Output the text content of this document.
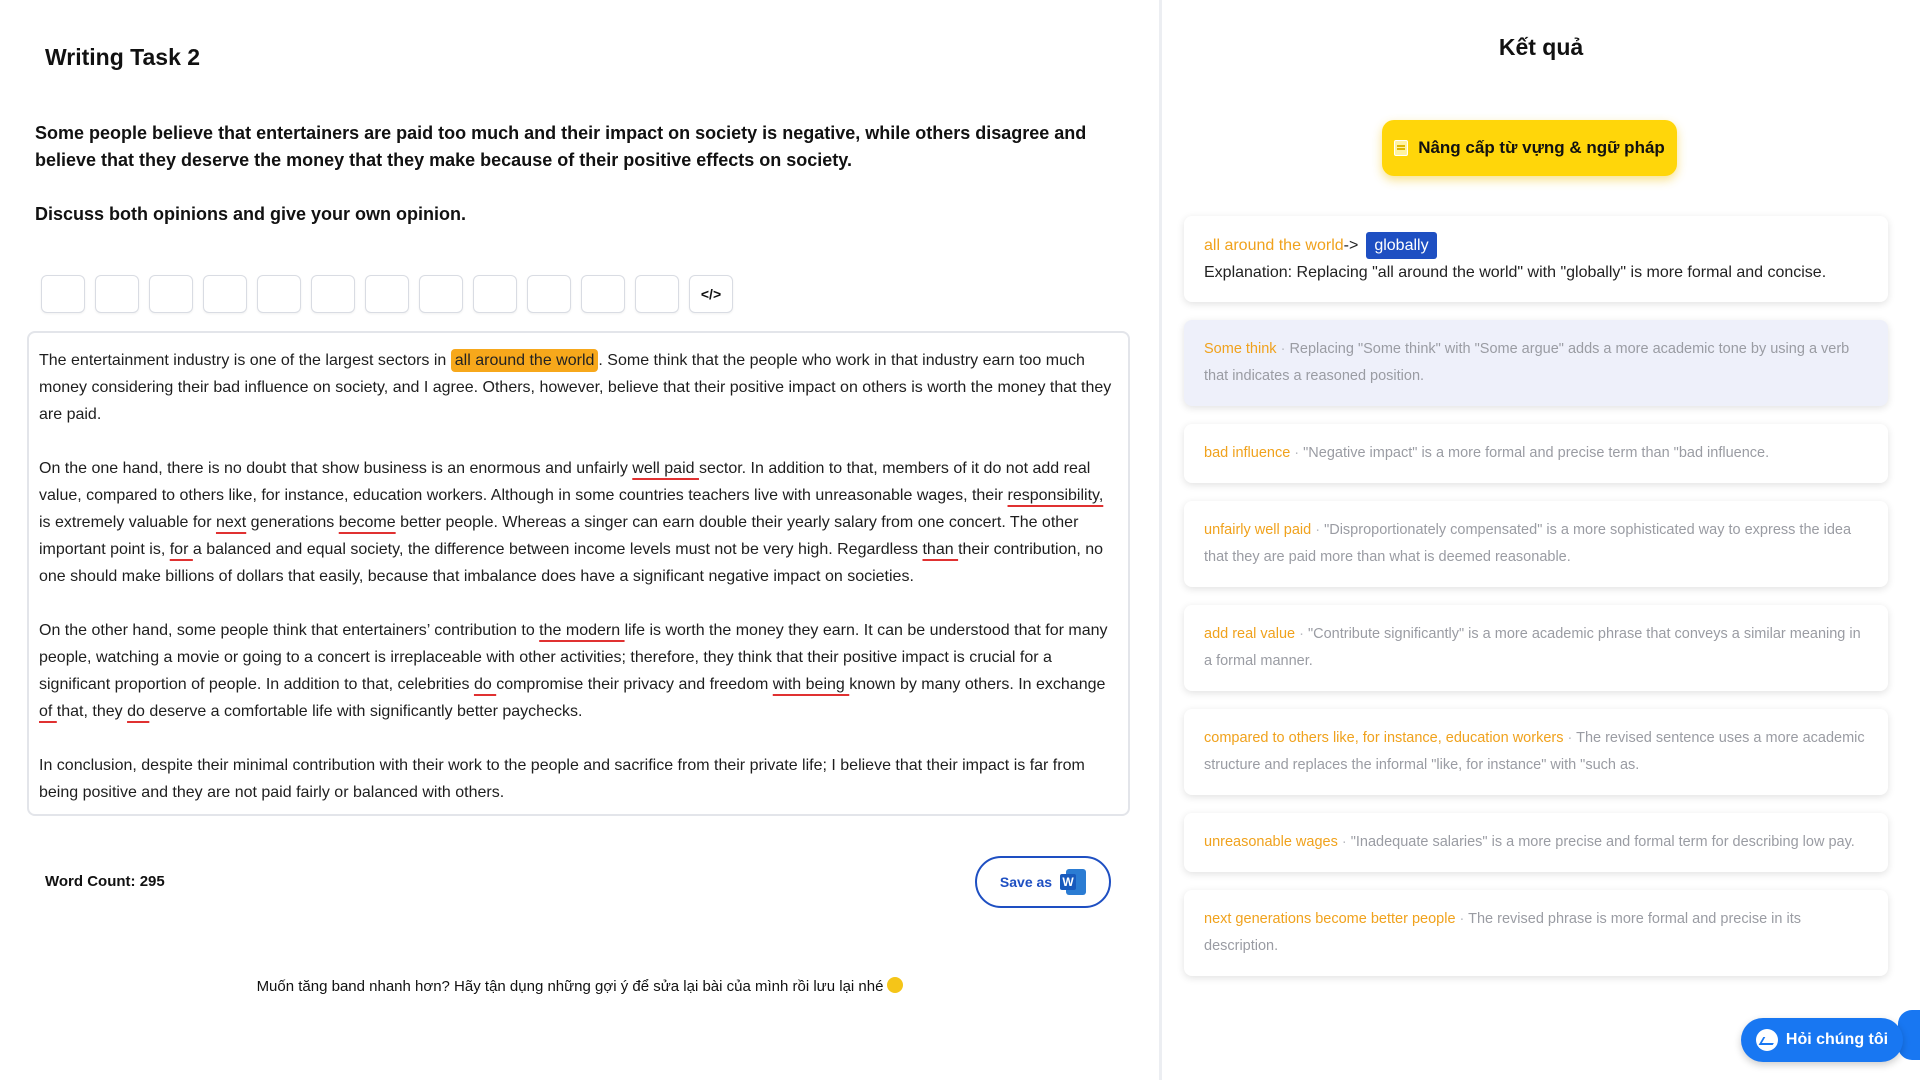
Writing Task 2

Some people believe that entertainers are paid too much and their impact on society is negative, while others disagree and believe that they deserve the money that they make because of their positive effects on society.

Discuss both opinions and give your own opinion.

</>

The entertainment industry is one of the largest sectors in all around the world . Some think that the people who work in that industry earn too much money considering their bad influence on society, and I agree. Others, however, believe that their positive impact on others is worth the money that they are paid.

On the one hand, there is no doubt that show business is an enormous and unfairly well paid sector. In addition to that, members of it do not add real value, compared to others like, for instance, education workers. Although in some countries teachers live with unreasonable wages, their responsibility, is extremely valuable for next generations become better people. Whereas a singer can earn double their yearly salary from one concert. The other important point is, for a balanced and equal society, the difference between income levels must not be very high. Regardless than their contribution, no one should make billions of dollars that easily, because that imbalance does have a significant negative impact on societies.

On the other hand, some people think that entertainers’ contribution to the modern life is worth the money they earn. It can be understood that for many people, watching a movie or going to a concert is irreplaceable with other activities; therefore, they think that their positive impact is crucial for a significant proportion of people. In addition to that, celebrities do compromise their privacy and freedom with being known by many others. In exchange of that, they do deserve a comfortable life with significantly better paychecks.

In conclusion, despite their minimal contribution with their work to the people and sacrifice from their private life; I believe that their impact is far from being positive and they are not paid fairly or balanced with others.

Word Count: 295	Save as W
Muốn tăng band nhanh hơn? Hãy tận dụng những gợi ý để sửa lại bài của mình rồi lưu lại nhé
Kết quả
Nâng cấp từ vựng & ngữ pháp
all around the world-> globally
Explanation: Replacing "all around the world" with "globally" is more formal and concise.
Some think · Replacing "Some think" with "Some argue" adds a more academic tone by using a verb that indicates a reasoned position.
bad influence · "Negative impact" is a more formal and precise term than "bad influence.
unfairly well paid · "Disproportionately compensated" is a more sophisticated way to express the idea that they are paid more than what is deemed reasonable.
add real value · "Contribute significantly" is a more academic phrase that conveys a similar meaning in a formal manner.
compared to others like, for instance, education workers · The revised sentence uses a more academic structure and replaces the informal "like, for instance" with "such as.
unreasonable wages · "Inadequate salaries" is a more precise and formal term for describing low pay.
next generations become better people · The revised phrase is more formal and precise in its description.
Hỏi chúng tôi
